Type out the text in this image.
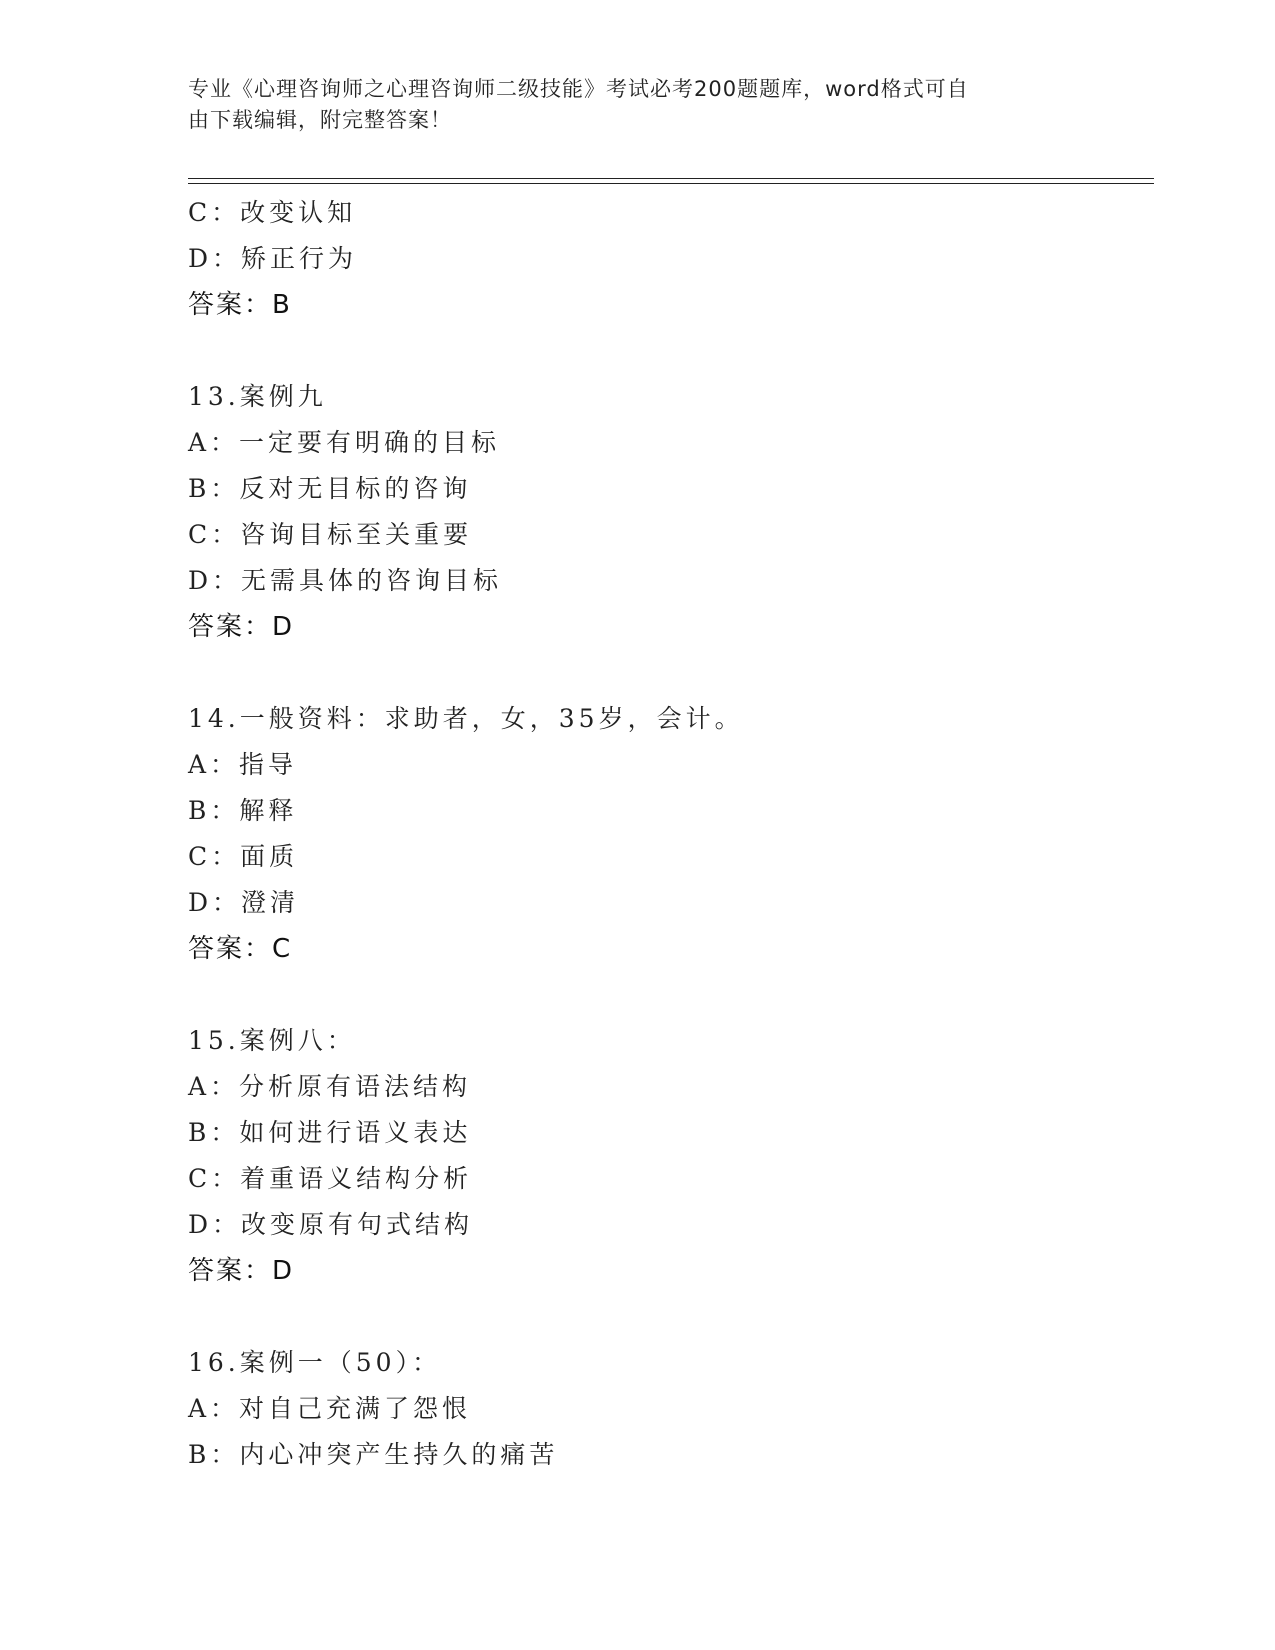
专业《心理咨询师之心理咨询师二级技能》考试必考200题题库，word格式可自
由下载编辑，附完整答案！
C：改变认知
D：矫正行为
答案：B
13.案例九
A：一定要有明确的目标
B：反对无目标的咨询
C：咨询目标至关重要
D：无需具体的咨询目标
答案：D
14.一般资料：求助者，女，35岁，会计。
A：指导
B：解释
C：面质
D：澄清
答案：C
15.案例八：
A：分析原有语法结构
B：如何进行语义表达
C：着重语义结构分析
D：改变原有句式结构
答案：D
16.案例一（50）：
A：对自己充满了怨恨
B：内心冲突产生持久的痛苦
